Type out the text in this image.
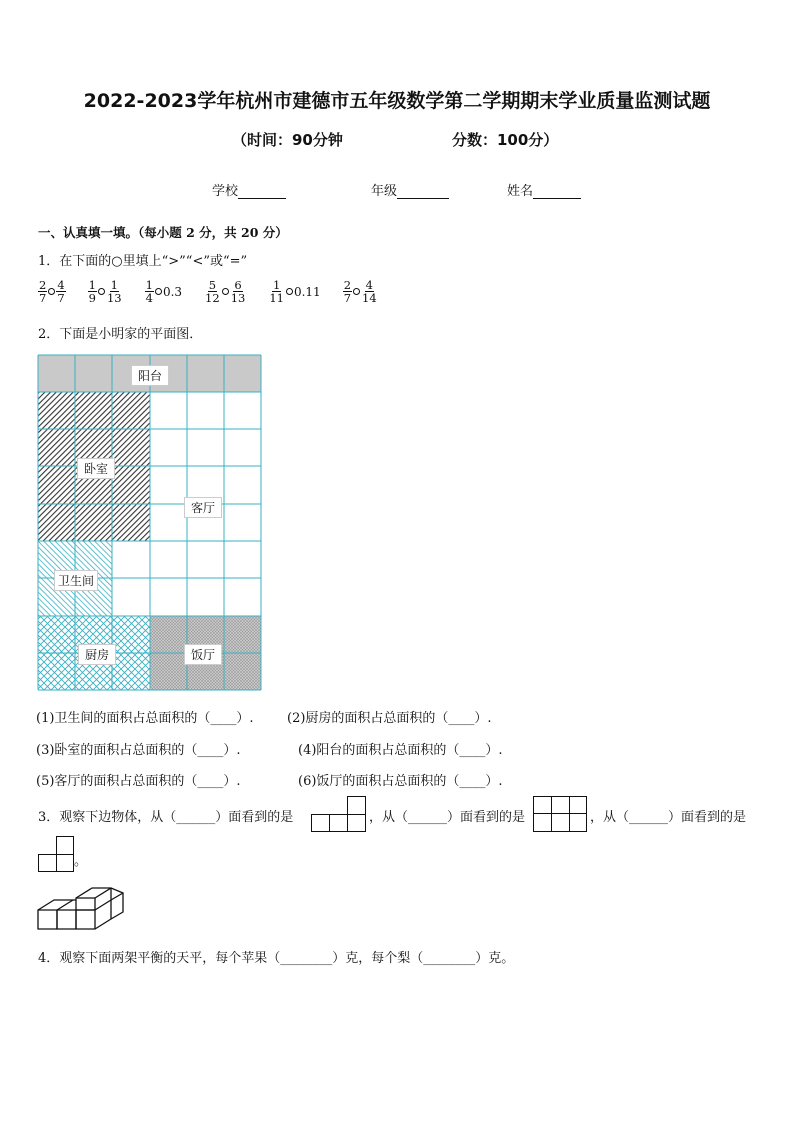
2022-2023学年杭州市建德市五年级数学第二学期期末学业质量监测试题
（时间：90分钟	分数：100分）
学校	年级	姓名
一、认真填一填。（每小题 2 分，共 20 分）
1．在下面的○里填上“>”“<”或“=”
$\frac{2}{7} \frac{4}{7} \frac{1}{9} \frac{1}{13} \frac{1}{4} 0.3 \frac{5}{12} \frac{6}{13} \frac{1}{11} 0.11 \frac{2}{7} \frac{4}{14}$
2．下面是小明家的平面图．
阳台
卧室
客厅
卫生间
厨房	饭厅
(1)卫生间的面积占总面积的（____）.	(2)厨房的面积占总面积的（____）.
(3)卧室的面积占总面积的（____）.	(4)阳台的面积占总面积的（____）.
(5)客厅的面积占总面积的（____）.	(6)饭厅的面积占总面积的（____）.
3．观察下边物体，从（______）面看到的是	，从（______）面看到的是	，从（______）面看到的是
。
4．观察下面两架平衡的天平，每个苹果（________）克，每个梨（________）克。
